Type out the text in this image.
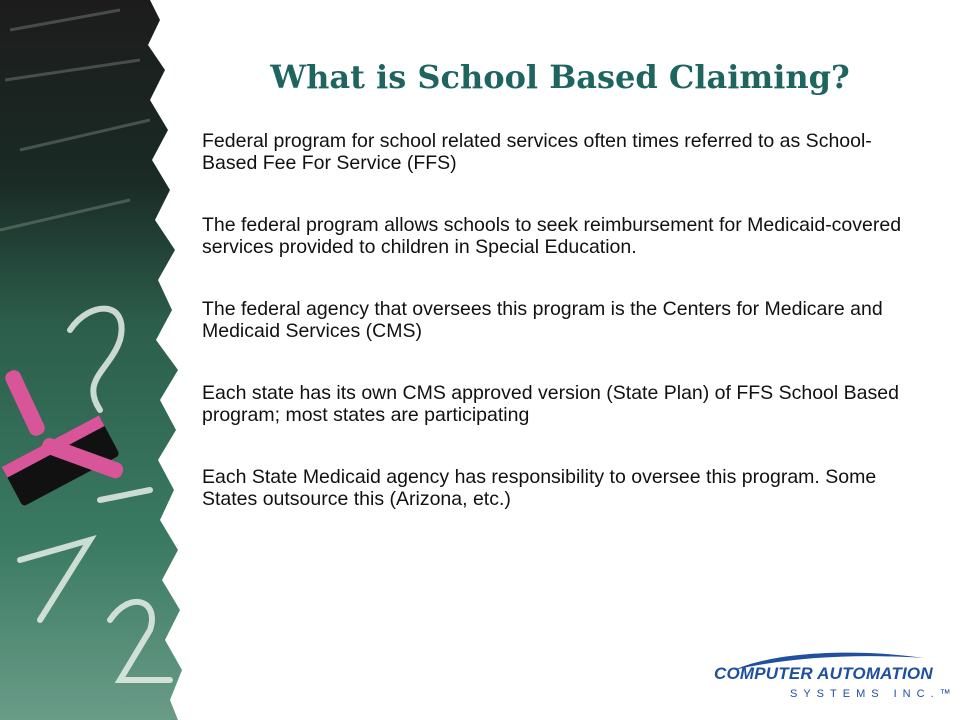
What is School Based Claiming?

Federal program for school related services often times referred to as School-Based Fee For Service (FFS)

The federal program allows schools to seek reimbursement for Medicaid-covered services provided to children in Special Education.

The federal agency that oversees this program is the Centers for Medicare and Medicaid Services (CMS)

Each state has its own CMS approved version (State Plan) of FFS School Based program; most states are participating

Each State Medicaid agency has responsibility to oversee this program. Some States outsource this (Arizona, etc.)

COMPUTER AUTOMATION
SYSTEMS INC.™
